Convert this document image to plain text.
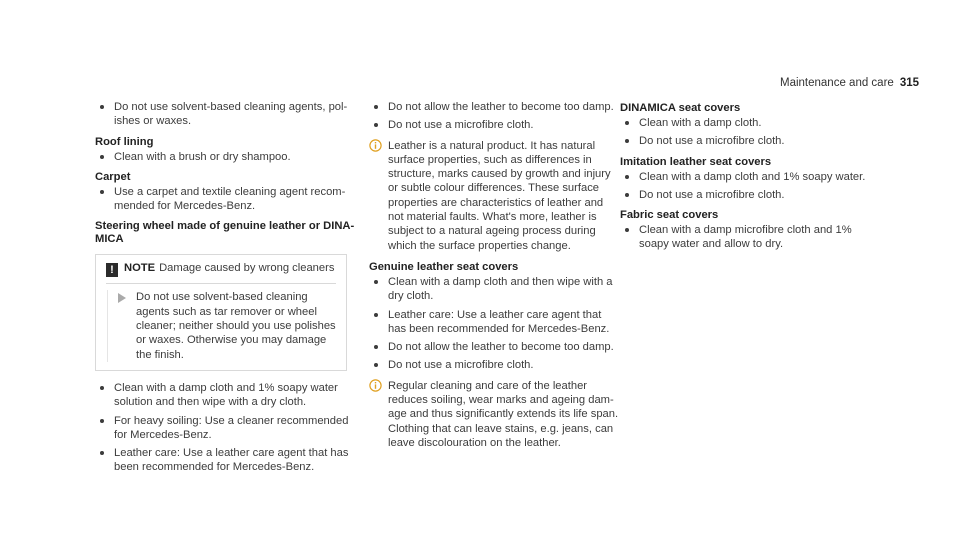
Maintenance and care 315
Do not use solvent-based cleaning agents, polishes or waxes.
Roof lining
Clean with a brush or dry shampoo.
Carpet
Use a carpet and textile cleaning agent recommended for Mercedes-Benz.
Steering wheel made of genuine leather or DINAMICA
! NOTE Damage caused by wrong cleaners
Do not use solvent-based cleaning agents such as tar remover or wheel cleaner; neither should you use polishes or waxes. Otherwise you may damage the finish.
Clean with a damp cloth and 1% soapy water solution and then wipe with a dry cloth.
For heavy soiling: Use a cleaner recommended for Mercedes-Benz.
Leather care: Use a leather care agent that has been recommended for Mercedes-Benz.
Do not allow the leather to become too damp.
Do not use a microfibre cloth.
Leather is a natural product. It has natural surface properties, such as differences in structure, marks caused by growth and injury or subtle colour differences. These surface properties are characteristics of leather and not material faults. What's more, leather is subject to a natural ageing process during which the surface properties change.
Genuine leather seat covers
Clean with a damp cloth and then wipe with a dry cloth.
Leather care: Use a leather care agent that has been recommended for Mercedes-Benz.
Do not allow the leather to become too damp.
Do not use a microfibre cloth.
Regular cleaning and care of the leather reduces soiling, wear marks and ageing damage and thus significantly extends its life span. Clothing that can leave stains, e.g. jeans, can leave discolouration on the leather.
DINAMICA seat covers
Clean with a damp cloth.
Do not use a microfibre cloth.
Imitation leather seat covers
Clean with a damp cloth and 1% soapy water.
Do not use a microfibre cloth.
Fabric seat covers
Clean with a damp microfibre cloth and 1% soapy water and allow to dry.
